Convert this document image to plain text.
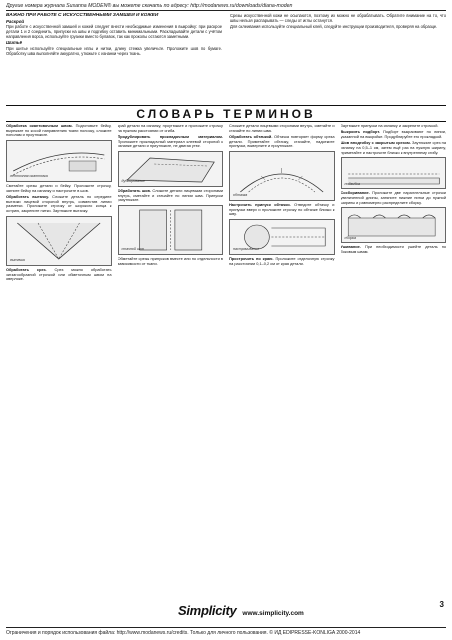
Другие номера журнала Susanna MODEN® вы можете скачать по адресу: http://modanews.ru/downloads/diana-moden
ВАЖНО ПРИ РАБОТЕ С ИСКУССТВЕННЫМИ ЗАМШЕЙ И КОЖЕЙ
Раскрой

При работе с искусственной замшей и кожей следует внести необходимые изменения в выкройку: при раскрое детали 1 и 2 соединить, припуски на швы и подгибку оставить минимальными. Раскладывайте детали с учётом направления ворса, используйте грузики вместо булавок, так как проколы остаются заметными.

Шитьё

При шитье используйте специальные иглы и нитки, длину стежка увеличьте. Проложите шов по бумаге. Обработку шва выполняйте аккуратно, утюжьте с изнанки через ткань.

Срезы искусственной кожи не осыпаются, поэтому их можно не обрабатывать. Обратите внимание на то, что швы нельзя распарывать — следы от иглы останутся.

Для склеивания используйте специальный клей, следуйте инструкции производителя, проверяя на образце.

СЛОВАРЬ ТЕРМИНОВ

Обработка окантовочным швом. Подготовьте бейку, вырежьте по косой направлению ткани полоску, сложите пополам и проутюжьте.

ленточная окантовка

Сметайте срезы детали и бейку. Проложите строчку, загните бейку на изнанку и настрочите в шов.

Обработать вытачку. Сложите деталь по середине вытачки лицевой стороной внутрь, совместив линии разметки. Проложите строчку от широкого конца к острию, закрепите нитки. Заутюжьте вытачку.

вытачка

Обработать срез. Срез можно обработать зигзагообразной строчкой или обметочным швом на оверлоке.

край детали на изнанку, проутюжьте и проложите строчку на нужном расстоянии от сгиба.

Продублировать прокладочным материалом. Приложите прокладочный материал клеевой стороной к изнанке детали и приутюжьте, не двигая утюг.

дублирование

Обработать шов. Сложите детали лицевыми сторонами внутрь, сметайте и стачайте по линии шва. Припуски разутюжьте.

стачной шов

Обметайте срезы припусков вместе или по отдельности в зависимости от ткани.

Сложите детали лицевыми сторонами внутрь, сметайте и стачайте по линии шва.

Обработать обтачкой. Обтачка повторяет форму среза детали. Приметайте обтачку, стачайте, надсеките припуски, выверните и проутюжьте.

обтачка

Настрочить припуск обтачки. Отведите обтачку и припуски вверх и проложите строчку по обтачке близко к шву.

настрачивание

Прострочить по краю. Проложите отделочную строчку на расстоянии 0,1–0,2 см от края детали.

Заутюжьте припуски на изнанку и закрепите строчкой.

Выкроить подборт. Подборт выкраивают по линии, указанной на выкройке. Продублируйте его прокладкой.

Шов вподгибку с закрытым срезом. Заутюжьте срез на изнанку на 0,5–1 см, затем ещё раз на нужную ширину, приметайте и настрочите близко к внутреннему сгибу.

подгибка

Сосборивание. Проложите две параллельные строчки увеличенной длины, затяните нижние нитки до нужной ширины и равномерно распределите сборку.

сборка

Ушивание. При необходимости ушейте деталь по боковым швам.

Simplicity www.simplicity.com
3
Ограничения и порядок использования файла: http://www.modanews.ru/credits. Только для личного пользования. © ИД EDIPRESSE-KONLIGA 2000-2014
